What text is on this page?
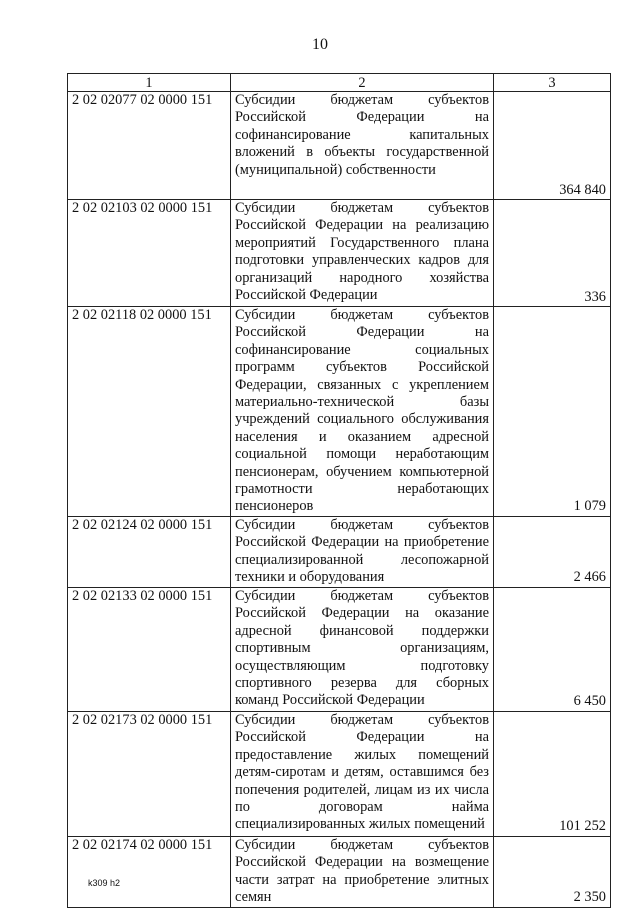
10
1	2	3
2 02 02077 02 0000 151	Субсидии бюджетам субъектов Российской Федерации на софинансирование капитальных вложений в объекты государственной (муниципальной) собственности	364 840
2 02 02103 02 0000 151	Субсидии бюджетам субъектов Российской Федерации на реализацию мероприятий Государственного плана подготовки управленческих кадров для организаций народного хозяйства Российской Федерации	336
2 02 02118 02 0000 151	Субсидии бюджетам субъектов Российской Федерации на софинансирование социальных программ субъектов Российской Федерации, связанных с укреплением материально-технической базы учреждений социального обслуживания населения и оказанием адресной социальной помощи неработающим пенсионерам, обучением компьютерной грамотности неработающих пенсионеров	1 079
2 02 02124 02 0000 151	Субсидии бюджетам субъектов Российской Федерации на приобретение специализированной лесопожарной техники и оборудования	2 466
2 02 02133 02 0000 151	Субсидии бюджетам субъектов Российской Федерации на оказание адресной финансовой поддержки спортивным организациям, осуществляющим подготовку спортивного резерва для сборных команд Российской Федерации	6 450
2 02 02173 02 0000 151	Субсидии бюджетам субъектов Российской Федерации на предоставление жилых помещений детям-сиротам и детям, оставшимся без попечения родителей, лицам из их числа по договорам найма специализированных жилых помещений	101 252
2 02 02174 02 0000 151	Субсидии бюджетам субъектов Российской Федерации на возмещение части затрат на приобретение элитных семян	2 350
k309 h2
